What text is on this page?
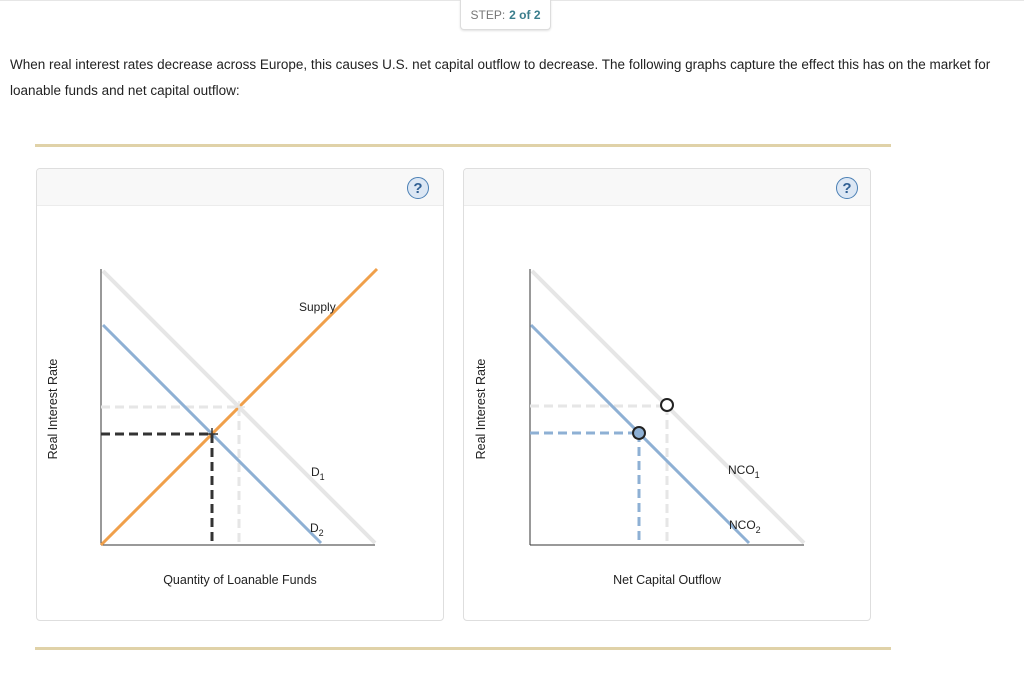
STEP: 2 of 2
When real interest rates decrease across Europe, this causes U.S. net capital outflow to decrease. The following graphs capture the effect this has on the market for loanable funds and net capital outflow:
?
Supply
$D_1$
$D_2$
Quantity of Loanable Funds
Real Interest Rate
?
$NCO_1$
$NCO_2$
Net Capital Outflow
Real Interest Rate
